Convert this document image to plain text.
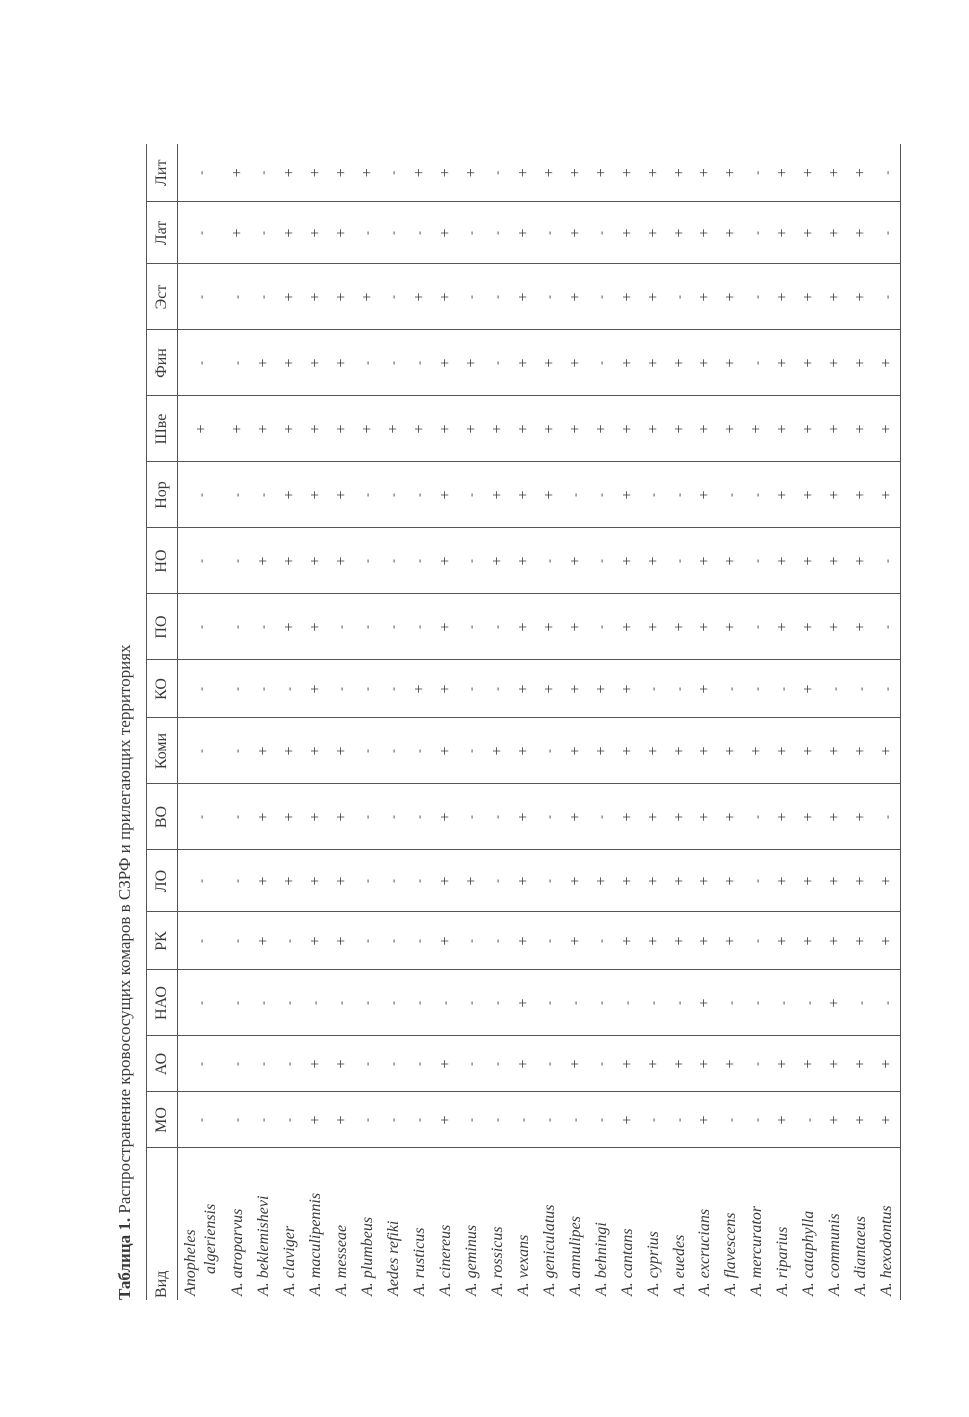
Таблица 1. Распространение кровососущих комаров в СЗРФ и прилегающих территориях
Вид	МО	АО	НАО	РК	ЛО	ВО	Коми	КО	ПО	НО	Нор	Шве	Фин	Эст	Лат	Лит

Anopheles algeriensis	-	-	-	-	-	-	-	-	-	-	-	+	-	-	-	-
A. atroparvus	-	-	-	-	-	-	-	-	-	-	-	+	-	-	+	+
A. beklemishevi	-	-	-	+	+	+	+	-	-	+	-	+	+	-	-	-
A. claviger	-	-	-	-	+	+	+	-	+	+	+	+	+	+	+	+
A. maculipennis	+	+	-	+	+	+	+	+	+	+	+	+	+	+	+	+
A. messeae	+	+	-	+	+	+	+	-	-	+	+	+	+	+	+	+
A. plumbeus	-	-	-	-	-	-	-	-	-	-	-	+	-	+	-	+
Aedes refiki	-	-	-	-	-	-	-	-	-	-	-	+	-	-	-	-
A. rusticus	-	-	-	-	-	-	-	+	-	-	-	+	-	+	-	+
A. cinereus	+	+	-	+	+	+	+	+	+	+	+	+	+	+	+	+
A. geminus	-	-	-	-	+	-	-	-	-	-	-	+	+	-	-	+
A. rossicus	-	-	-	-	-	-	+	-	-	+	+	+	-	-	-	-
A. vexans	-	+	+	+	+	+	+	+	+	+	+	+	+	+	+	+
A. geniculatus	-	-	-	-	-	-	-	+	+	-	+	+	+	-	-	+
A. annulipes	-	+	-	+	+	+	+	+	+	+	-	+	+	+	+	+
A. behningi	-	-	-	-	+	-	+	+	-	-	-	+	-	-	-	+
A. cantans	+	+	-	+	+	+	+	+	+	+	+	+	+	+	+	+
A. cyprius	-	+	-	+	+	+	+	-	+	+	-	+	+	+	+	+
A. euedes	-	+	-	+	+	+	+	-	+	-	-	+	+	-	+	+
A. excrucians	+	+	+	+	+	+	+	+	+	+	+	+	+	+	+	+
A. flavescens	-	+	-	+	+	+	+	-	+	+	-	+	+	+	+	+
A. mercurator	-	-	-	-	-	-	+	-	-	-	-	+	-	-	-	-
A. riparius	+	+	-	+	+	+	+	-	+	+	+	+	+	+	+	+
A. cataphylla	-	+	-	+	+	+	+	+	+	+	+	+	+	+	+	+
A. communis	+	+	+	+	+	+	+	-	+	+	+	+	+	+	+	+
A. diantaeus	+	+	-	+	+	+	+	-	+	+	+	+	+	+	+	+
A. hexodontus	+	+	-	+	+	-	+	-	-	-	+	+	+	-	-	-
